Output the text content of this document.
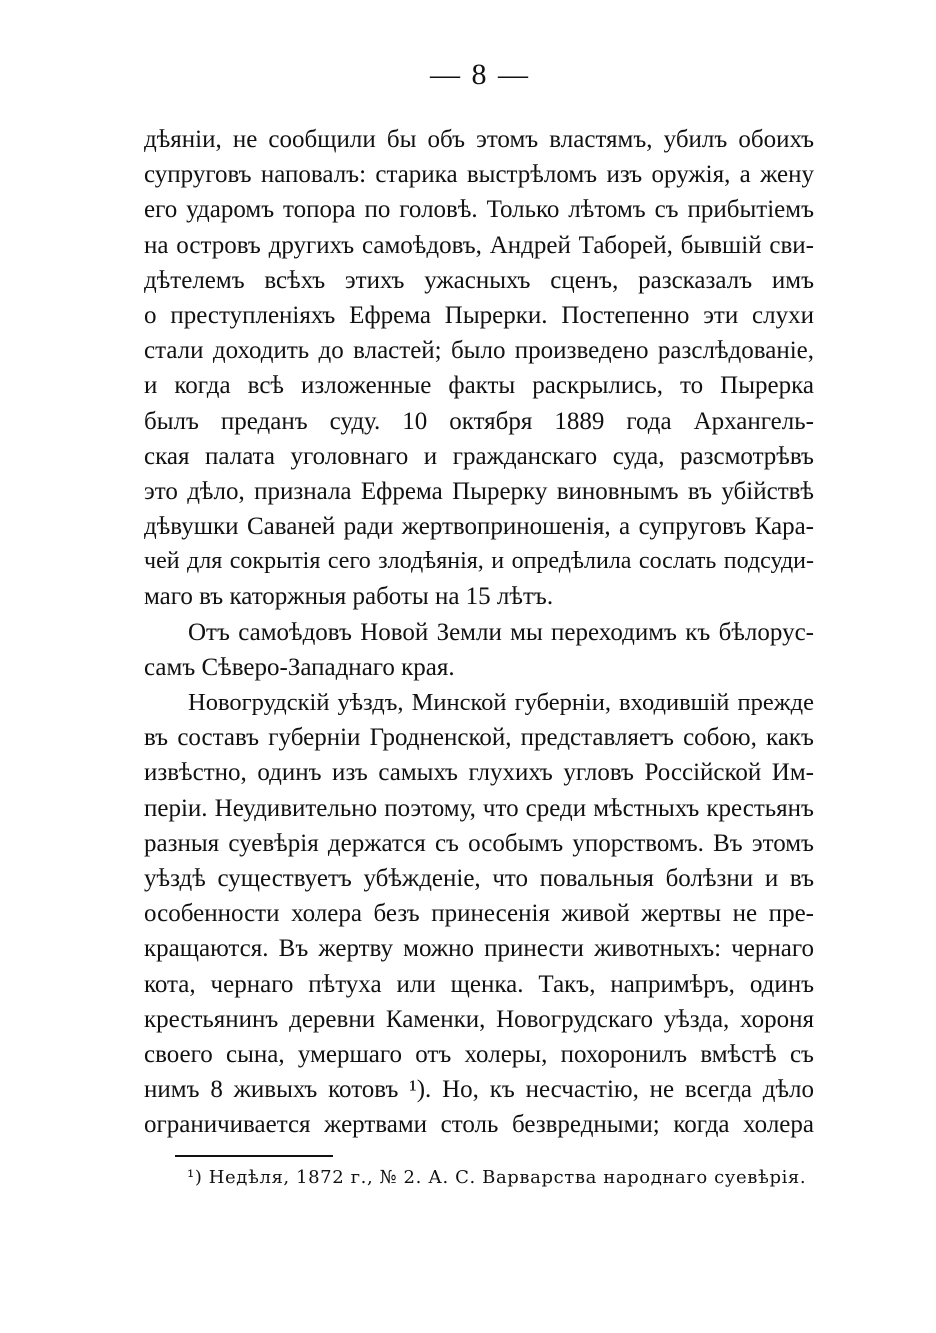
— 8 —
дѣяніи, не сообщили бы объ этомъ властямъ, убилъ обоихъ
супруговъ наповалъ: старика выстрѣломъ изъ оружія, а жену
его ударомъ топора по головѣ. Только лѣтомъ съ прибытіемъ
на островъ другихъ самоѣдовъ, Андрей Таборей, бывшій сви-
дѣтелемъ всѣхъ этихъ ужасныхъ сценъ, разсказалъ имъ
о преступленіяхъ Ефрема Пырерки. Постепенно эти слухи
стали доходить до властей; было произведено разслѣдованіе,
и когда всѣ изложенные факты раскрылись, то Пырерка
былъ преданъ суду. 10 октября 1889 года Архангель-
ская палата уголовнаго и гражданскаго суда, разсмотрѣвъ
это дѣло, признала Ефрема Пырерку виновнымъ въ убійствѣ
дѣвушки Саваней ради жертвоприношенія, а супруговъ Кара-
чей для сокрытія сего злодѣянія, и опредѣлила сослать подсуди-
маго въ каторжныя работы на 15 лѣтъ.
Отъ самоѣдовъ Новой Земли мы переходимъ къ бѣлорус-
самъ Сѣверо-Западнаго края.
Новогрудскій уѣздъ, Минской губерніи, входившій прежде
въ составъ губерніи Гродненской, представляетъ собою, какъ
извѣстно, одинъ изъ самыхъ глухихъ угловъ Россійской Им-
періи. Неудивительно поэтому, что среди мѣстныхъ крестьянъ
разныя суевѣрія держатся съ особымъ упорствомъ. Въ этомъ
уѣздѣ существуетъ убѣжденіе, что повальныя болѣзни и въ
особенности холера безъ принесенія живой жертвы не пре-
кращаются. Въ жертву можно принести животныхъ: чернаго
кота, чернаго пѣтуха или щенка. Такъ, напримѣръ, одинъ
крестьянинъ деревни Каменки, Новогрудскаго уѣзда, хороня
своего сына, умершаго отъ холеры, похоронилъ вмѣстѣ съ
нимъ 8 живыхъ котовъ ¹). Но, къ несчастію, не всегда дѣло
ограничивается жертвами столь безвредными; когда холера
¹) Недѣля, 1872 г., № 2. А. С. Варварства народнаго суевѣрія.
